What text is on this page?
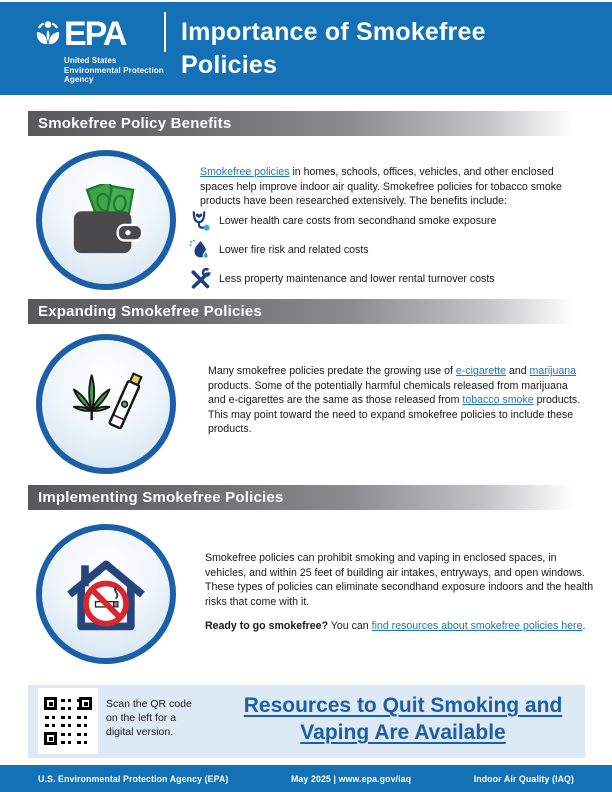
EPA
United States
Environmental Protection
Agency
Importance of Smokefree Policies
Smokefree Policy Benefits
Smokefree policies in homes, schools, offices, vehicles, and other enclosed spaces help improve indoor air quality. Smokefree policies for tobacco smoke products have been researched extensively. The benefits include:
Lower health care costs from secondhand smoke exposure
Lower fire risk and related costs
Less property maintenance and lower rental turnover costs
Expanding Smokefree Policies
Many smokefree policies predate the growing use of e-cigarette and marijuana products. Some of the potentially harmful chemicals released from marijuana and e-cigarettes are the same as those released from tobacco smoke products. This may point toward the need to expand smokefree policies to include these products.
Implementing Smokefree Policies
Smokefree policies can prohibit smoking and vaping in enclosed spaces, in vehicles, and within 25 feet of building air intakes, entryways, and open windows. These types of policies can eliminate secondhand exposure indoors and the health risks that come with it.
Ready to go smokefree? You can find resources about smokefree policies here.
Scan the QR code on the left for a digital version.
Resources to Quit Smoking and Vaping Are Available
U.S. Environmental Protection Agency (EPA)	May 2025 | www.epa.gov/iaq	Indoor Air Quality (IAQ)
